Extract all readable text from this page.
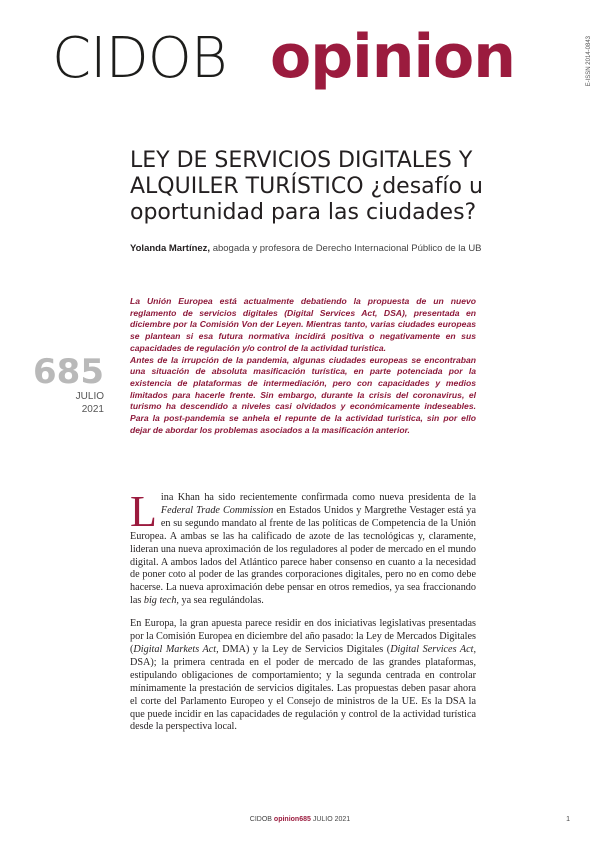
CIDOB opinion	E-ISSN 2014-0843
LEY DE SERVICIOS DIGITALES Y ALQUILER TURÍSTICO ¿desafío u oportunidad para las ciudades?
Yolanda Martínez, abogada y profesora de Derecho Internacional Público de la UB
685
JULIO
2021

La Unión Europea está actualmente debatiendo la propuesta de un nuevo reglamento de servicios digitales (Digital Services Act, DSA), presentada en diciembre por la Comisión Von der Leyen. Mientras tanto, varias ciudades europeas se plantean si esa futura normativa incidirá positiva o negativamente en sus capacidades de regulación y/o control de la actividad turística.

Antes de la irrupción de la pandemia, algunas ciudades europeas se encontraban una situación de absoluta masificación turística, en parte potenciada por la existencia de plataformas de intermediación, pero con capacidades y medios limitados para hacerle frente. Sin embargo, durante la crisis del coronavirus, el turismo ha descendido a niveles casi olvidados y económicamente indeseables. Para la post-pandemia se anhela el repunte de la actividad turística, sin por ello dejar de abordar los problemas asociados a la masificación anterior.

Lina Khan ha sido recientemente confirmada como nueva presidenta de la Federal Trade Commission en Estados Unidos y Margrethe Vestager está ya en su segundo mandato al frente de las políticas de Competencia de la Unión Europea. A ambas se las ha calificado de azote de las tecnológicas y, claramente, lideran una nueva aproximación de los reguladores al poder de mercado en el mundo digital. A ambos lados del Atlántico parece haber consenso en cuanto a la necesidad de poner coto al poder de las grandes corporaciones digitales, pero no en como debe hacerse. La nueva aproximación debe pensar en otros remedios, ya sea fraccionando las big tech, ya sea regulándolas.

En Europa, la gran apuesta parece residir en dos iniciativas legislativas presentadas por la Comisión Europea en diciembre del año pasado: la Ley de Mercados Digitales (Digital Markets Act, DMA) y la Ley de Servicios Digitales (Digital Services Act, DSA); la primera centrada en el poder de mercado de las grandes plataformas, estipulando obligaciones de comportamiento; y la segunda centrada en controlar mínimamente la prestación de servicios digitales. Las propuestas deben pasar ahora el corte del Parlamento Europeo y el Consejo de ministros de la UE. Es la DSA la que puede incidir en las capacidades de regulación y control de la actividad turística desde la perspectiva local.

CIDOB opinion685 JULIO 2021	1
